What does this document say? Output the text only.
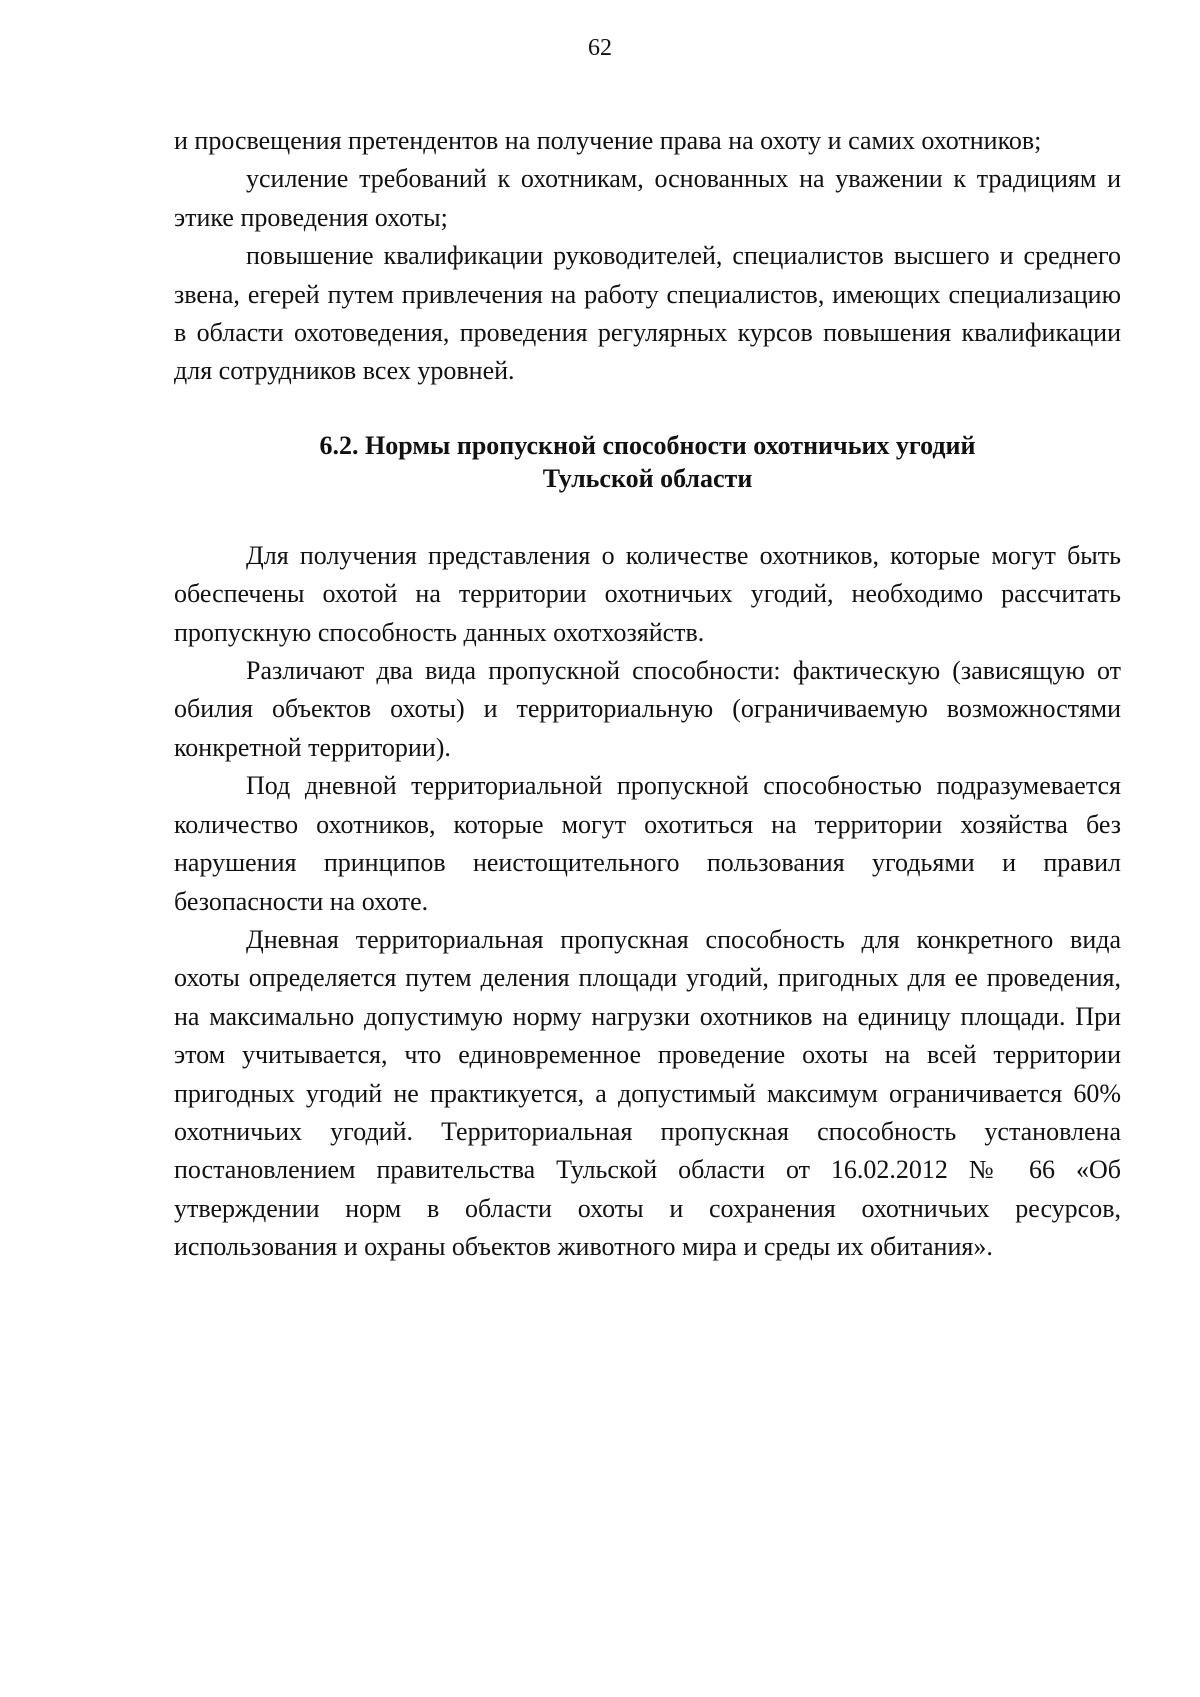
62

и просвещения претендентов на получение права на охоту и самих охотников;

усиление требований к охотникам, основанных на уважении к традициям и этике проведения охоты;

повышение квалификации руководителей, специалистов высшего и среднего звена, егерей путем привлечения на работу специалистов, имеющих специализацию в области охотоведения, проведения регулярных курсов повышения квалификации для сотрудников всех уровней.

6.2. Нормы пропускной способности охотничьих угодий
Тульской области

Для получения представления о количестве охотников, которые могут быть обеспечены охотой на территории охотничьих угодий, необходимо рассчитать пропускную способность данных охотхозяйств.

Различают два вида пропускной способности: фактическую (зависящую от обилия объектов охоты) и территориальную (ограничиваемую возможностями конкретной территории).

Под дневной территориальной пропускной способностью подразумевается количество охотников, которые могут охотиться на территории хозяйства без нарушения принципов неистощительного пользования угодьями и правил безопасности на охоте.

Дневная территориальная пропускная способность для конкретного вида охоты определяется путем деления площади угодий, пригодных для ее проведения, на максимально допустимую норму нагрузки охотников на единицу площади. При этом учитывается, что единовременное проведение охоты на всей территории пригодных угодий не практикуется, а допустимый максимум ограничивается 60% охотничьих угодий. Территориальная пропускная способность установлена постановлением правительства Тульской области от 16.02.2012 № 66 «Об утверждении норм в области охоты и сохранения охотничьих ресурсов, использования и охраны объектов животного мира и среды их обитания».
